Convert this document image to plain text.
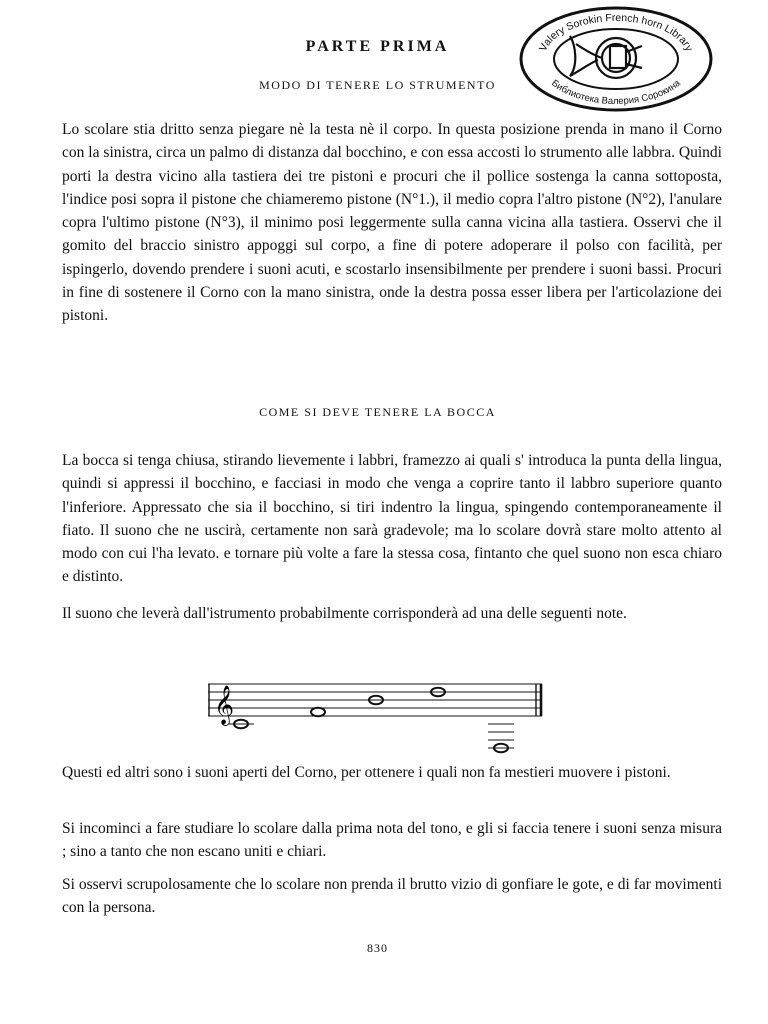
Valery Sorokin French horn Library
Библиотека Валерия Сорокина
PARTE PRIMA
MODO DI TENERE LO STRUMENTO
Lo scolare stia dritto senza piegare nè la testa nè il corpo. In questa posizione prenda in mano il Corno con la sinistra, circa un palmo di distanza dal bocchino, e con essa accosti lo strumento alle labbra. Quindi porti la destra vicino alla tastiera dei tre pistoni e procuri che il pollice sostenga la canna sottoposta, l'indice posi sopra il pistone che chiameremo pistone (N°1.), il medio copra l'altro pistone (N°2), l'anulare copra l'ultimo pistone (N°3), il minimo posi leggermente sulla canna vicina alla tastiera. Osservi che il gomito del braccio sinistro appoggi sul corpo, a fine di potere adoperare il polso con facilità, per ispingerlo, dovendo prendere i suoni acuti, e scostarlo insensibilmente per prendere i suoni bassi. Procuri in fine di sostenere il Corno con la mano sinistra, onde la destra possa esser libera per l'articolazione dei pistoni.
COME SI DEVE TENERE LA BOCCA
La bocca si tenga chiusa, stirando lievemente i labbri, framezzo ai quali s' introduca la punta della lingua, quindi si appressi il bocchino, e facciasi in modo che venga a coprire tanto il labbro superiore quanto l'inferiore. Appressato che sia il bocchino, si tiri indentro la lingua, spingendo contemporaneamente il fiato. Il suono che ne uscirà, certamente non sarà gradevole; ma lo scolare dovrà stare molto attento al modo con cui l'ha levato. e tornare più volte a fare la stessa cosa, fintanto che quel suono non esca chiaro e distinto.
Il suono che leverà dall'istrumento probabilmente corrisponderà ad una delle seguenti note.
𝄞
Questi ed altri sono i suoni aperti del Corno, per ottenere i quali non fa mestieri muovere i pistoni.
Si incominci a fare studiare lo scolare dalla prima nota del tono, e gli si faccia tenere i suoni senza misura ; sino a tanto che non escano uniti e chiari.
Si osservi scrupolosamente che lo scolare non prenda il brutto vizio di gonfiare le gote, e di far movimenti con la persona.
830
